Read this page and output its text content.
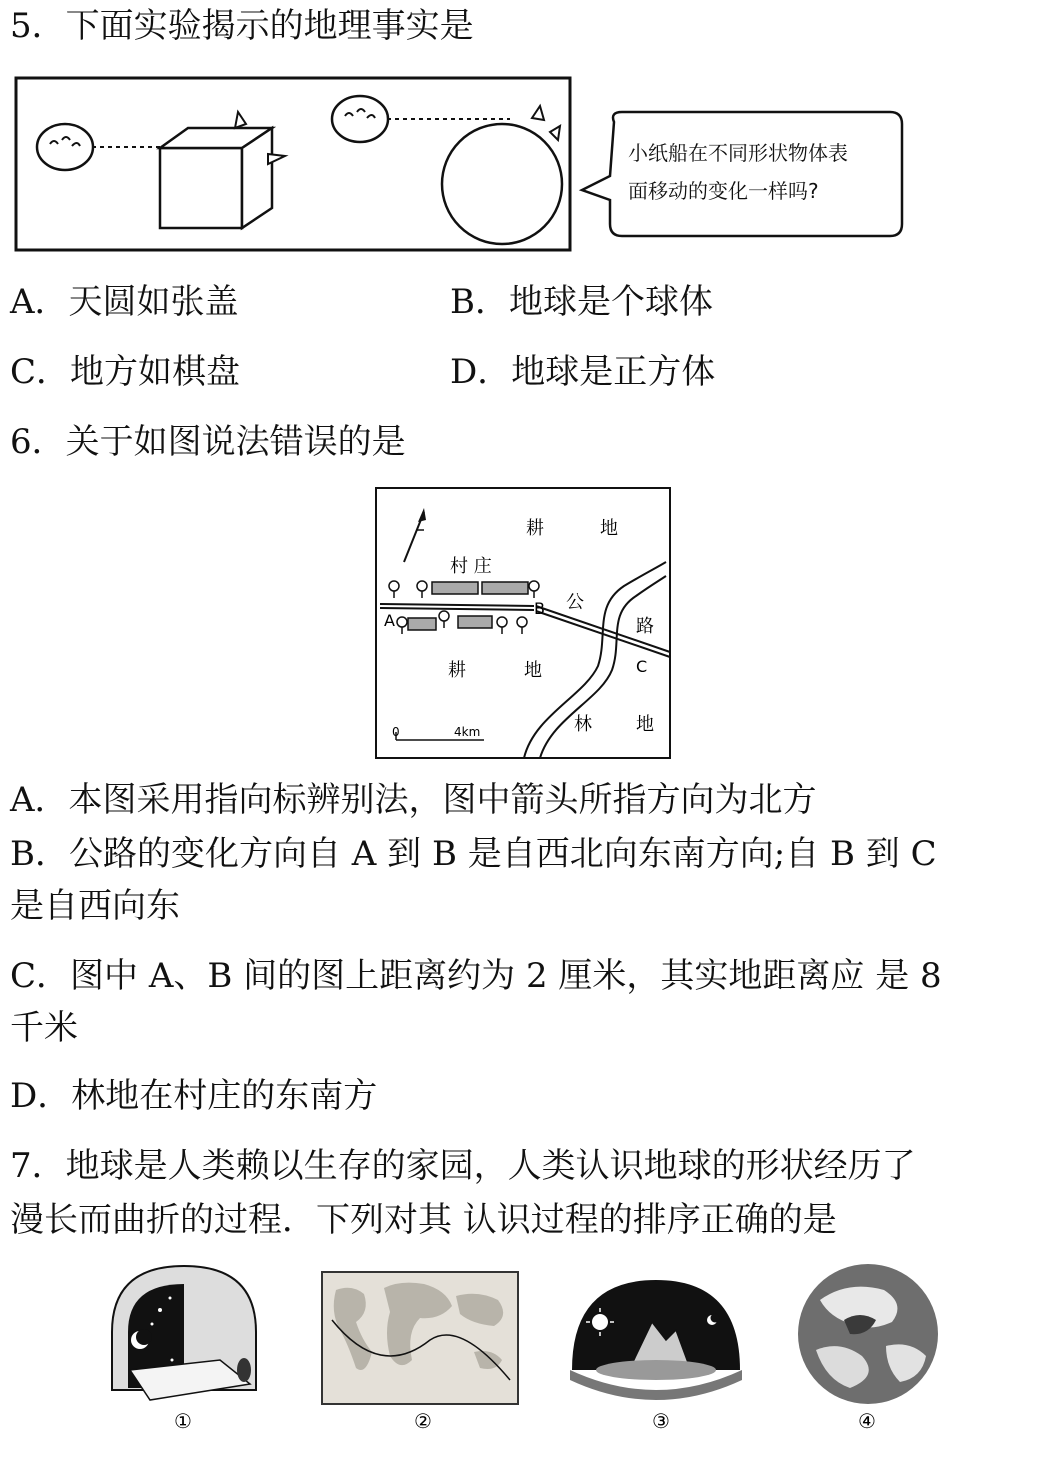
5．下面实验揭示的地理事实是
小纸船在不同形状物体表
面移动的变化一样吗?
A．天圆如张盖	B．地球是个球体
C．地方如棋盘	D．地球是正方体
6．关于如图说法错误的是
耕	地
村 庄
A
B
C
公
路
耕	地
林 地
0	4km
A．本图采用指向标辨别法，图中箭头所指方向为北方
B．公路的变化方向自 A 到 B 是自西北向东南方向;自 B 到 C
是自西向东
C．图中 A、B 间的图上距离约为 2 厘米，其实地距离应 是 8
千米
D．林地在村庄的东南方
7．地球是人类赖以生存的家园，人类认识地球的形状经历了
漫长而曲折的过程．下列对其 认识过程的排序正确的是
①	②	③	④
